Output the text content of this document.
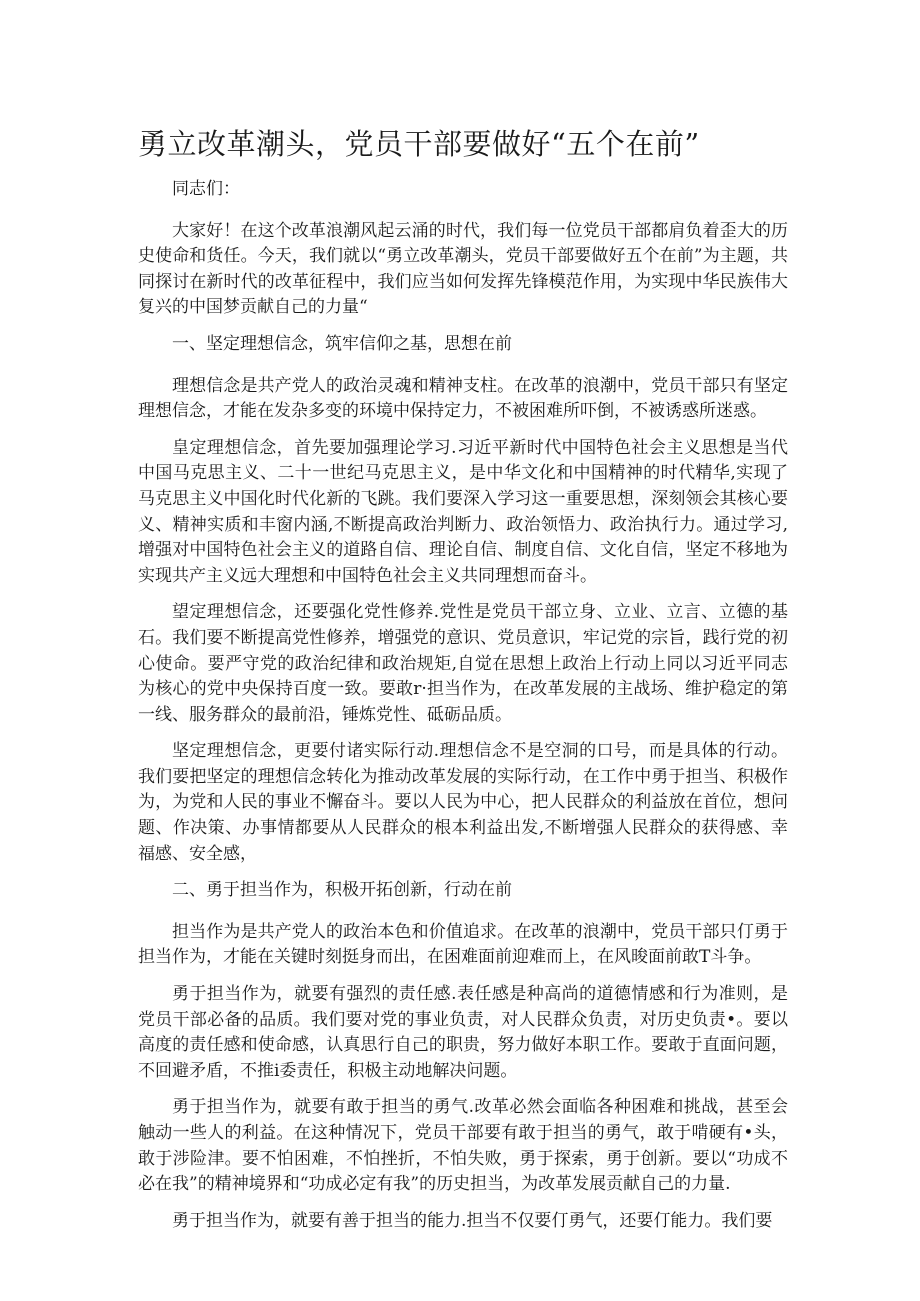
勇立改革潮头，党员干部要做好“五个在前”

同志们：

大家好！在这个改革浪潮风起云涌的时代，我们每一位党员干部都肩负着歪大的历史使命和货任。今天，我们就以“勇立改革潮头，党员干部要做好五个在前”为主题，共同探讨在新时代的改革征程中，我们应当如何发挥先锋模范作用，为实现中华民族伟大复兴的中国梦贡献自己的力量“

一、坚定理想信念，筑牢信仰之基，思想在前

理想信念是共产党人的政治灵魂和精神支柱。在改革的浪潮中，党员干部只有坚定理想信念，才能在发杂多变的环境中保持定力，不被困难所吓倒，不被诱惑所迷惑。

皇定理想信念，首先要加强理论学习.习近平新时代中国特色社会主义思想是当代中国马克思主义、二十一世纪马克思主义，是中华文化和中国精神的时代精华,实现了马克思主义中国化时代化新的飞跳。我们要深入学习这一重要思想，深刻领会其核心要义、精神实质和丰窗内涵,不断提高政治判断力、政治领悟力、政治执行力。通过学习,增强对中国特色社会主义的道路自信、理论自信、制度自信、文化自信，坚定不移地为实现共产主义远大理想和中国特色社会主义共同理想而奋斗。

望定理想信念，还要强化党性修养.党性是党员干部立身、立业、立言、立德的基石。我们要不断提高党性修养，增强党的意识、党员意识，牢记党的宗旨，践行党的初心使命。要严守党的政治纪律和政治规矩,自觉在思想上政治上行动上同以习近平同志为核心的党中央保持百度一致。要敢r·担当作为，在改革发展的主战场、维护稳定的第一线、服务群众的最前沿，锤炼党性、砥砺品质。

坚定理想信念，更要付诸实际行动.理想信念不是空洞的口号，而是具体的行动。我们要把坚定的理想信念转化为推动改革发展的实际行动，在工作中勇于担当、积极作为，为党和人民的事业不懈奋斗。要以人民为中心，把人民群众的利益放在首位，想问题、作决策、办事情都要从人民群众的根本利益出发,不断增强人民群众的获得感、幸福感、安全感，

二、勇于担当作为，积极开拓创新，行动在前

担当作为是共产党人的政治本色和价值追求。在改革的浪潮中，党员干部只仃勇于担当作为，才能在关键时刻挺身而出，在困难面前迎难而上，在风晙面前敢T斗争。

勇于担当作为，就要有强烈的责任感.表任感是种高尚的道德情感和行为准则，是党员干部必备的品质。我们要对党的事业负责，对人民群众负责，对历史负责•。要以高度的责任感和使命感，认真思行自己的职贵，努力做好本职工作。要敢于直面问题，不回避矛盾，不推i委责任，积极主动地解决问题。

勇于担当作为，就要有敢于担当的勇气.改革必然会面临各种困难和挑战，甚至会触动一些人的利益。在这种情况下，党员干部要有敢于担当的勇气，敢于啃硬有•头，敢于涉险津。要不怕困难，不怕挫折，不怕失败，勇于探索，勇于创新。要以“功成不必在我”的精神境界和“功成必定有我”的历史担当，为改革发展贡献自己的力量.

勇于担当作为，就要有善于担当的能力.担当不仅要仃勇气，还要仃能力。我们要
